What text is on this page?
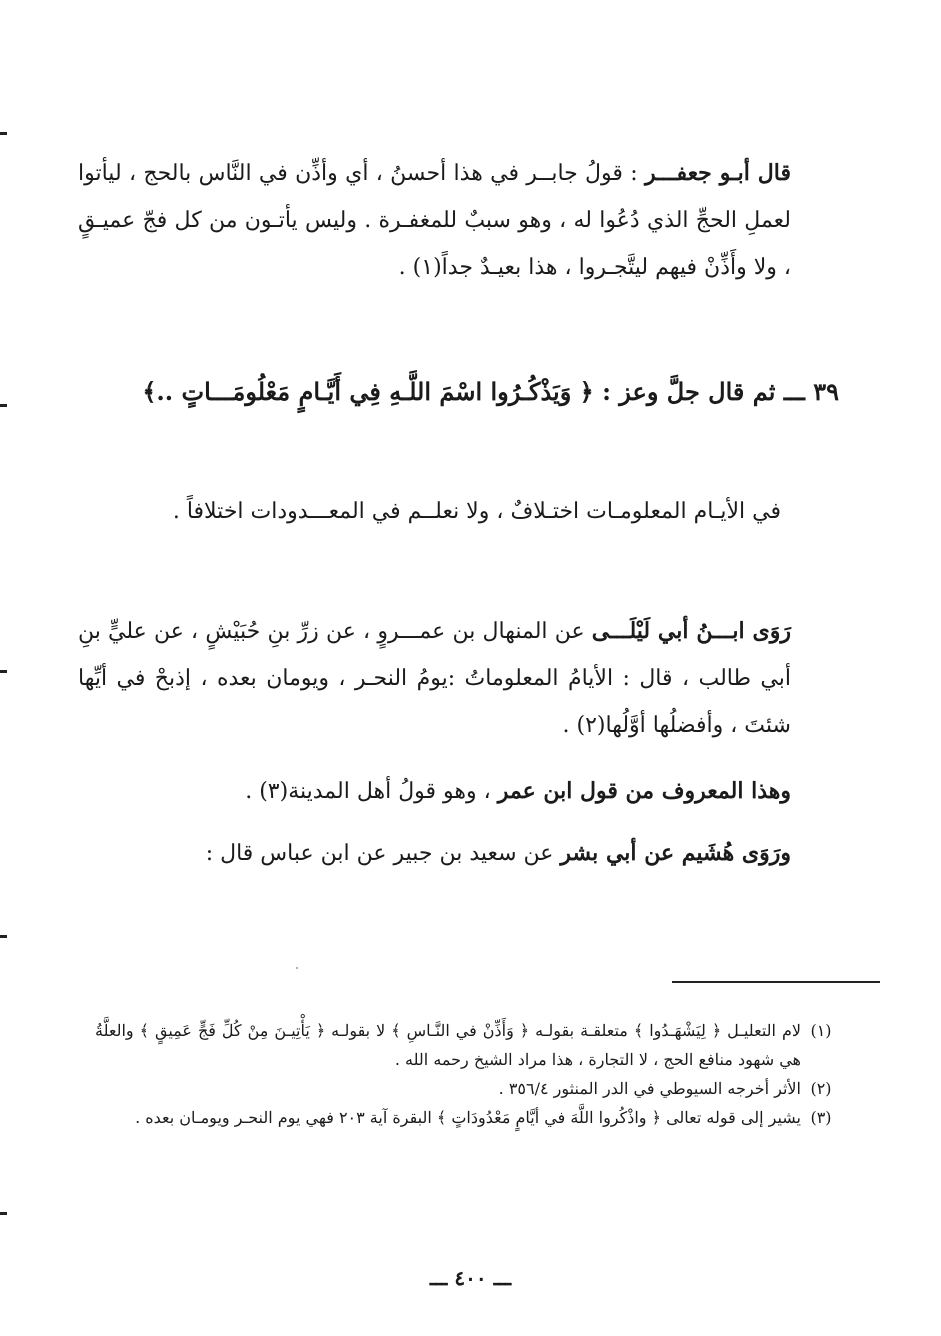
قال أبـو جعفـــر : قولُ جابــر في هذا أحسنُ ، أي وأذِّن في النَّاس بالحج ، ليأتوا لعملِ الحجِّ الذي دُعُوا له ، وهو سببٌ للمغفـرة . وليس يأتـون من كل فجّ عميـقٍ ، ولا وأَذِّنْ فيهم ليتَّجـروا ، هذا بعيـدٌ جداً(١) .

٣٩ ـــ ثم قال جلَّ وعز : ﴿ وَيَذْكُـرُوا اسْمَ اللَّـهِ فِي أَيَّـامٍ مَعْلُومَـــاتٍ ..﴾

في الأيـام المعلومـات اختـلافٌ ، ولا نعلــم في المعـــدودات اختلافاً .

رَوَى ابـــنُ أبي لَيْلَـــى عن المنهال بن عمـــروٍ ، عن زرِّ بنِ حُبَيْشٍ ، عن عليٍّ بنِ أبي طالب ، قال : الأيامُ المعلوماتُ :يومُ النحـر ، ويومان بعده ، إذبحْ في أيِّها شئتَ ، وأفضلُها أوَّلُها(٢) .

وهذا المعروف من قول ابن عمر ، وهو قولُ أهل المدينة(٣) .

ورَوَى هُشَيم عن أبي بشر عن سعيد بن جبير عن ابن عباس قال :

(١)
لام التعليـل ﴿ لِيَشْهَـدُوا ﴾ متعلقـة بقولـه ﴿ وَأَذِّنْ في النَّـاسِ ﴾ لا بقولـه ﴿ يَأْتِيـنَ مِنْ كُلِّ فَجٍّ عَمِيقٍ ﴾ والعلَّةُ هي شهود منافع الحج ، لا التجارة ، هذا مراد الشيخ رحمه الله .
(٢)
الأثر أخرجه السيوطي في الدر المنثور ٣٥٦/٤ .
(٣)
يشير إلى قوله تعالى ﴿ واذْكُروا اللَّهَ في أيَّامٍ مَعْدُودَاتٍ ﴾ البقرة آية ٢٠٣ فهي يوم النحـر ويومـان بعده .
ـــ ٤٠٠ ـــ
